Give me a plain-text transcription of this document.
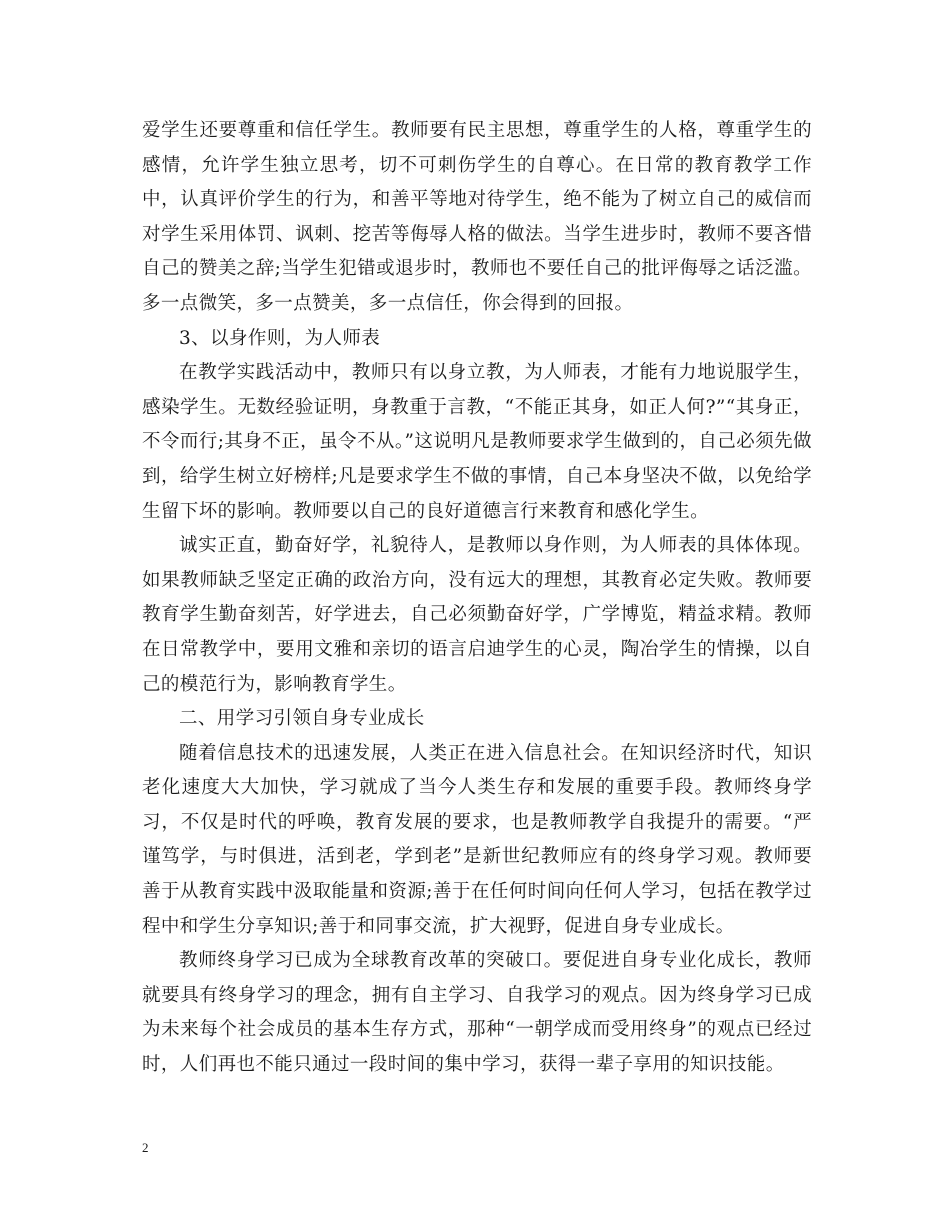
爱学生还要尊重和信任学生。教师要有民主思想，尊重学生的人格，尊重学生的感情，允许学生独立思考，切不可刺伤学生的自尊心。在日常的教育教学工作中，认真评价学生的行为，和善平等地对待学生，绝不能为了树立自己的威信而对学生采用体罚、讽刺、挖苦等侮辱人格的做法。当学生进步时，教师不要吝惜自己的赞美之辞;当学生犯错或退步时，教师也不要任自己的批评侮辱之话泛滥。多一点微笑，多一点赞美，多一点信任，你会得到的回报。

3、以身作则，为人师表

在教学实践活动中，教师只有以身立教，为人师表，才能有力地说服学生，感染学生。无数经验证明，身教重于言教，“不能正其身，如正人何?”“其身正，不令而行;其身不正，虽令不从。”这说明凡是教师要求学生做到的，自己必须先做到，给学生树立好榜样;凡是要求学生不做的事情，自己本身坚决不做，以免给学生留下坏的影响。教师要以自己的良好道德言行来教育和感化学生。

诚实正直，勤奋好学，礼貌待人，是教师以身作则，为人师表的具体体现。如果教师缺乏坚定正确的政治方向，没有远大的理想，其教育必定失败。教师要教育学生勤奋刻苦，好学进去，自己必须勤奋好学，广学博览，精益求精。教师在日常教学中，要用文雅和亲切的语言启迪学生的心灵，陶冶学生的情操，以自己的模范行为，影响教育学生。

二、用学习引领自身专业成长

随着信息技术的迅速发展，人类正在进入信息社会。在知识经济时代，知识老化速度大大加快，学习就成了当今人类生存和发展的重要手段。教师终身学习，不仅是时代的呼唤，教育发展的要求，也是教师教学自我提升的需要。“严谨笃学，与时俱进，活到老，学到老”是新世纪教师应有的终身学习观。教师要善于从教育实践中汲取能量和资源;善于在任何时间向任何人学习，包括在教学过程中和学生分享知识;善于和同事交流，扩大视野，促进自身专业成长。

教师终身学习已成为全球教育改革的突破口。要促进自身专业化成长，教师就要具有终身学习的理念，拥有自主学习、自我学习的观点。因为终身学习已成为未来每个社会成员的基本生存方式，那种“一朝学成而受用终身”的观点已经过时，人们再也不能只通过一段时间的集中学习，获得一辈子享用的知识技能。

2
